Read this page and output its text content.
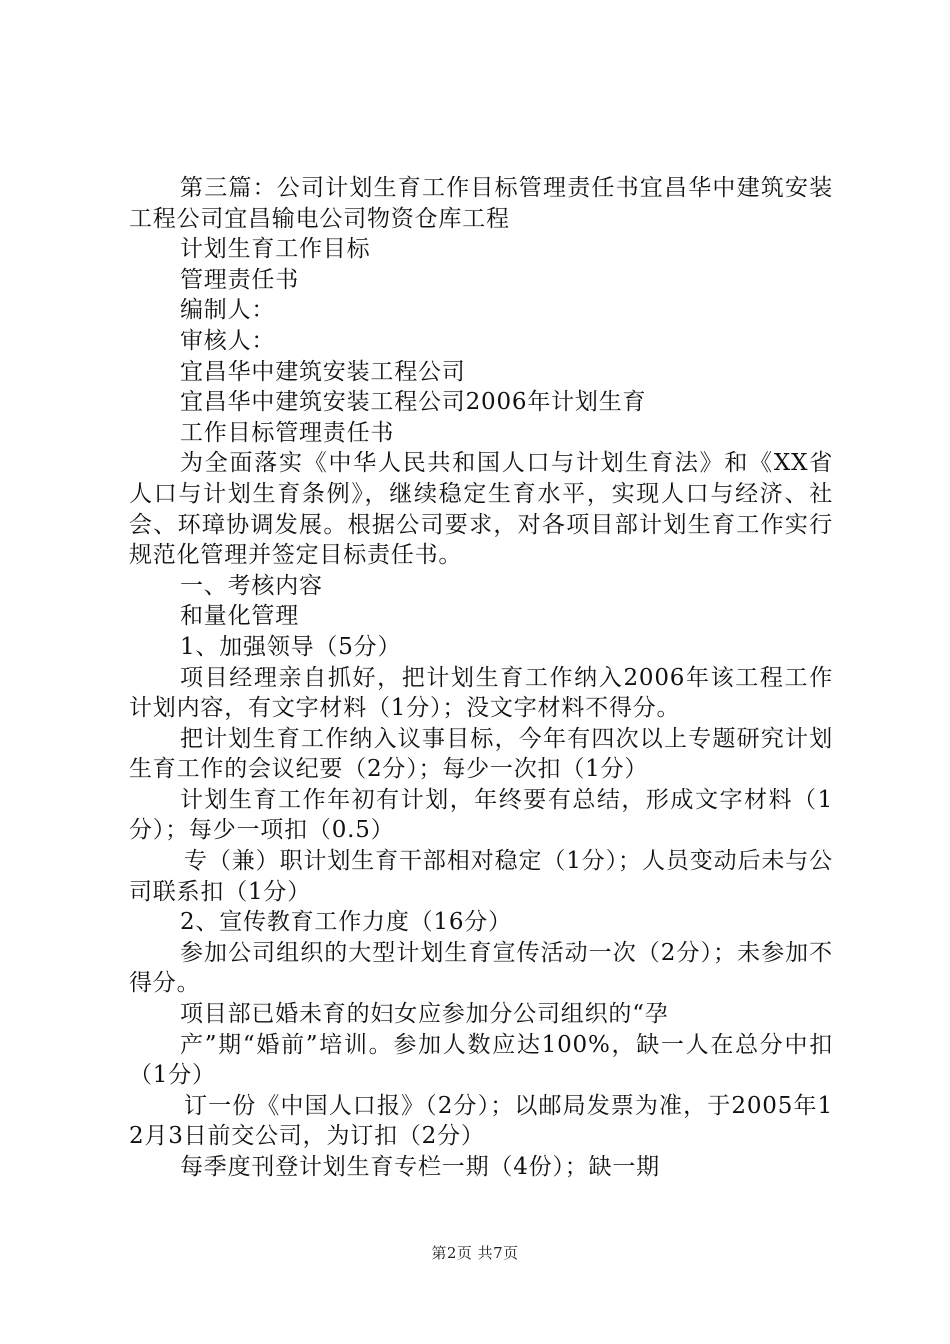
第三篇：公司计划生育工作目标管理责任书宜昌华中建筑安装工程公司宜昌输电公司物资仓库工程

计划生育工作目标

管理责任书

编制人：

审核人：

宜昌华中建筑安装工程公司

宜昌华中建筑安装工程公司2006年计划生育

工作目标管理责任书

为全面落实《中华人民共和国人口与计划生育法》和《XX省人口与计划生育条例》，继续稳定生育水平，实现人口与经济、社会、环璋协调发展。根据公司要求，对各项目部计划生育工作实行规范化管理并签定目标责任书。

一、考核内容

和量化管理

1、加强领导（5分）

项目经理亲自抓好，把计划生育工作纳入2006年该工程工作计划内容，有文字材料（1分）；没文字材料不得分。

把计划生育工作纳入议事目标，今年有四次以上专题研究计划生育工作的会议纪要（2分）；每少一次扣（1分）

计划生育工作年初有计划，年终要有总结，形成文字材料（1分）；每少一项扣（0.5）

专（兼）职计划生育干部相对稳定（1分）；人员变动后未与公司联系扣（1分）

2、宣传教育工作力度（16分）

参加公司组织的大型计划生育宣传活动一次（2分）；未参加不得分。

项目部已婚未育的妇女应参加分公司组织的“孕

产”期“婚前”培训。参加人数应达100%，缺一人在总分中扣（1分）

订一份《中国人口报》（2分）；以邮局发票为准，于2005年12月3日前交公司，为订扣（2分）

每季度刊登计划生育专栏一期（4份）；缺一期

第2页 共7页
